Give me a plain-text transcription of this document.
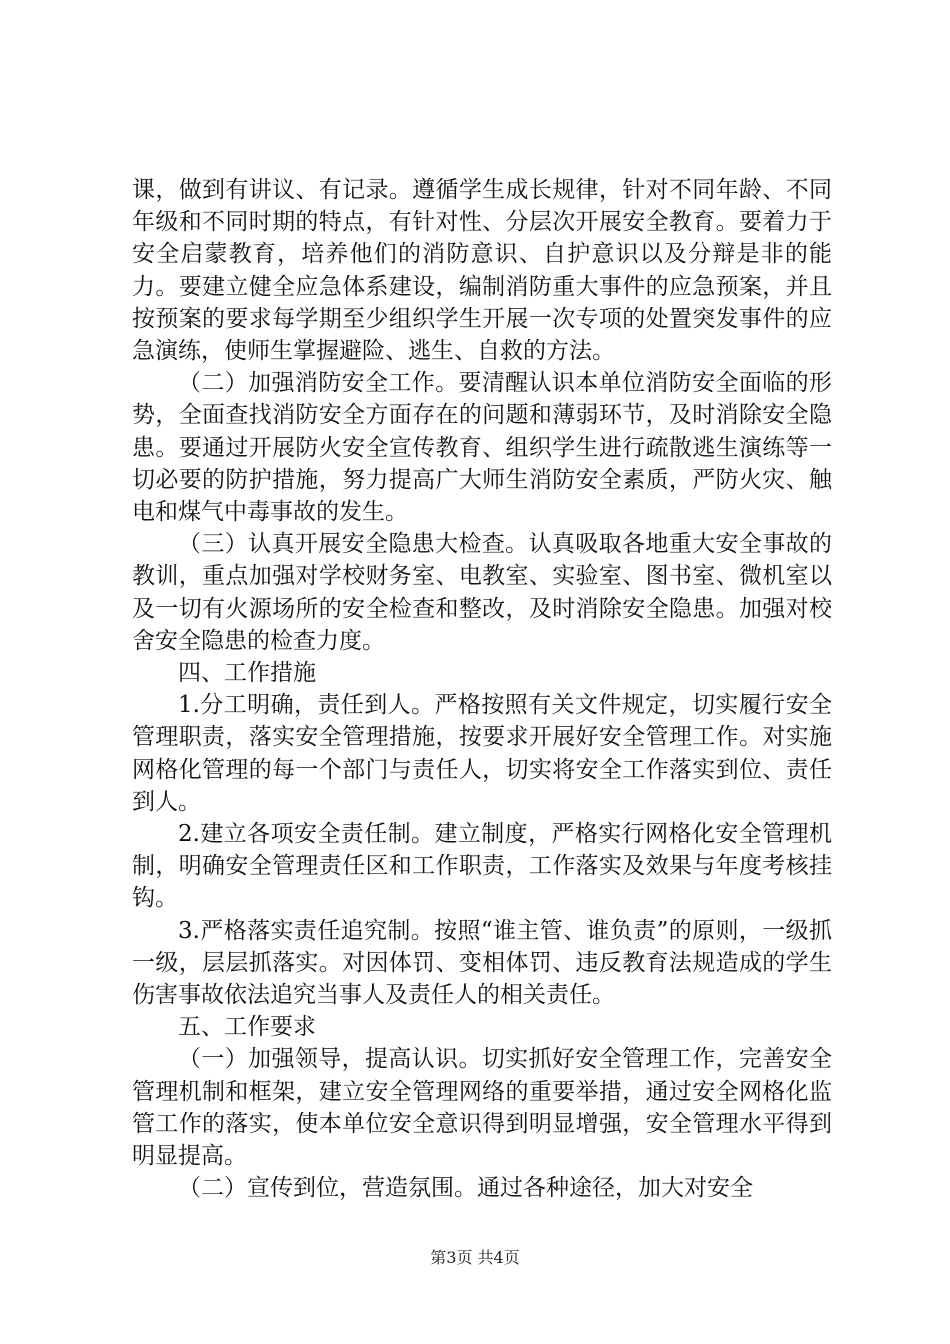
课，做到有讲议、有记录。遵循学生成长规律，针对不同年龄、不同年级和不同时期的特点，有针对性、分层次开展安全教育。要着力于安全启蒙教育，培养他们的消防意识、自护意识以及分辩是非的能力。要建立健全应急体系建设，编制消防重大事件的应急预案，并且按预案的要求每学期至少组织学生开展一次专项的处置突发事件的应急演练，使师生掌握避险、逃生、自救的方法。

（二）加强消防安全工作。要清醒认识本单位消防安全面临的形势，全面查找消防安全方面存在的问题和薄弱环节，及时消除安全隐患。要通过开展防火安全宣传教育、组织学生进行疏散逃生演练等一切必要的防护措施，努力提高广大师生消防安全素质，严防火灾、触电和煤气中毒事故的发生。

（三）认真开展安全隐患大检查。认真吸取各地重大安全事故的教训，重点加强对学校财务室、电教室、实验室、图书室、微机室以及一切有火源场所的安全检查和整改，及时消除安全隐患。加强对校舍安全隐患的检查力度。

四、工作措施

1.分工明确，责任到人。严格按照有关文件规定，切实履行安全管理职责，落实安全管理措施，按要求开展好安全管理工作。对实施网格化管理的每一个部门与责任人，切实将安全工作落实到位、责任到人。

2.建立各项安全责任制。建立制度，严格实行网格化安全管理机制，明确安全管理责任区和工作职责，工作落实及效果与年度考核挂钩。

3.严格落实责任追究制。按照“谁主管、谁负责”的原则，一级抓一级，层层抓落实。对因体罚、变相体罚、违反教育法规造成的学生伤害事故依法追究当事人及责任人的相关责任。

五、工作要求

（一）加强领导，提高认识。切实抓好安全管理工作，完善安全管理机制和框架，建立安全管理网络的重要举措，通过安全网格化监管工作的落实，使本单位安全意识得到明显增强，安全管理水平得到明显提高。

（二）宣传到位，营造氛围。通过各种途径，加大对安全

第3页 共4页
